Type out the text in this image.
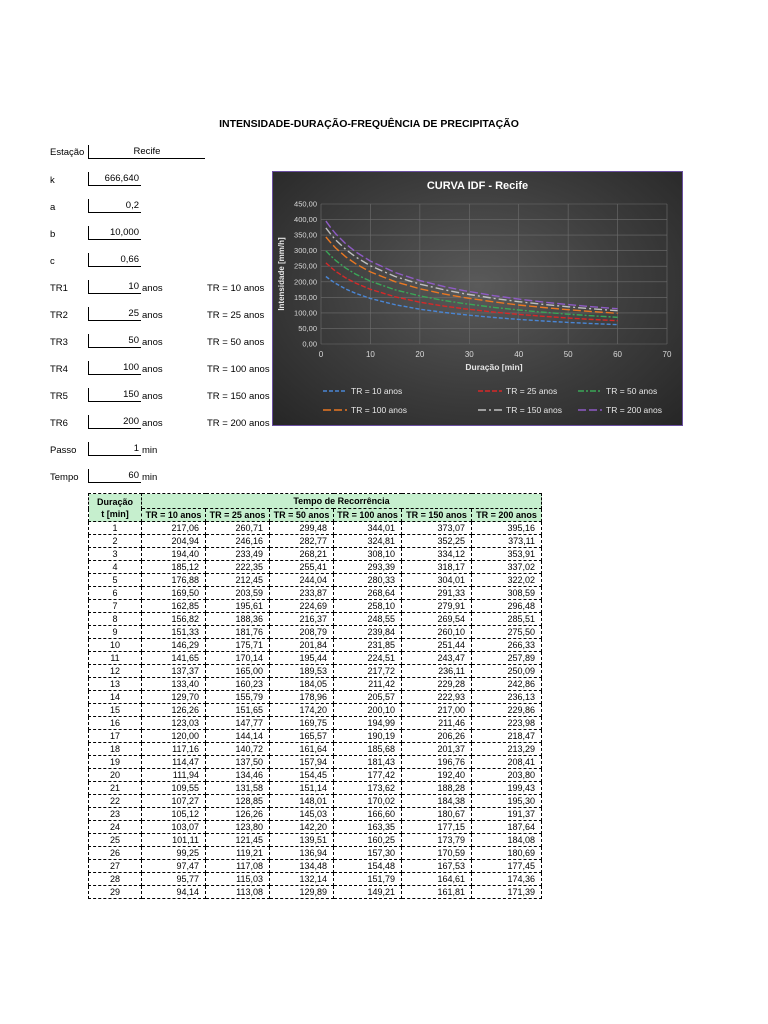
INTENSIDADE-DURAÇÃO-FREQUÊNCIA DE PRECIPITAÇÃO
Estação	Recife
k	666,640
a	0,2
b	10,000
c	0,66
TR1	10 anos	TR = 10 anos
TR2	25 anos	TR = 25 anos
TR3	50 anos	TR = 50 anos
TR4	100 anos	TR = 100 anos
TR5	150 anos	TR = 150 anos
TR6	200 anos	TR = 200 anos
Passo	1 min
Tempo	60 min
CURVA IDF - Recife
0,00
50,00
100,00
150,00
200,00
250,00
300,00
350,00
400,00
450,00
0	10	20	30	40	50	60	70
Duração [min]
Intensidade [mm/h]
TR = 10 anos	TR = 25 anos	TR = 50 anos
TR = 100 anos	TR = 150 anos	TR = 200 anos
Duração
t [min]	Tempo de Recorrência					
	TR = 10 anos	TR = 25 anos	TR = 50 anos	TR = 100 anos	TR = 150 anos	TR = 200 anos
1	217,06	260,71	299,48	344,01	373,07	395,16
2	204,94	246,16	282,77	324,81	352,25	373,11
3	194,40	233,49	268,21	308,10	334,12	353,91
4	185,12	222,35	255,41	293,39	318,17	337,02
5	176,88	212,45	244,04	280,33	304,01	322,02
6	169,50	203,59	233,87	268,64	291,33	308,59
7	162,85	195,61	224,69	258,10	279,91	296,48
8	156,82	188,36	216,37	248,55	269,54	285,51
9	151,33	181,76	208,79	239,84	260,10	275,50
10	146,29	175,71	201,84	231,85	251,44	266,33
11	141,65	170,14	195,44	224,51	243,47	257,89
12	137,37	165,00	189,53	217,72	236,11	250,09
13	133,40	160,23	184,05	211,42	229,28	242,86
14	129,70	155,79	178,96	205,57	222,93	236,13
15	126,26	151,65	174,20	200,10	217,00	229,86
16	123,03	147,77	169,75	194,99	211,46	223,98
17	120,00	144,14	165,57	190,19	206,26	218,47
18	117,16	140,72	161,64	185,68	201,37	213,29
19	114,47	137,50	157,94	181,43	196,76	208,41
20	111,94	134,46	154,45	177,42	192,40	203,80
21	109,55	131,58	151,14	173,62	188,28	199,43
22	107,27	128,85	148,01	170,02	184,38	195,30
23	105,12	126,26	145,03	166,60	180,67	191,37
24	103,07	123,80	142,20	163,35	177,15	187,64
25	101,11	121,45	139,51	160,25	173,79	184,08
26	99,25	119,21	136,94	157,30	170,59	180,69
27	97,47	117,08	134,48	154,48	167,53	177,45
28	95,77	115,03	132,14	151,79	164,61	174,36
29	94,14	113,08	129,89	149,21	161,81	171,39
